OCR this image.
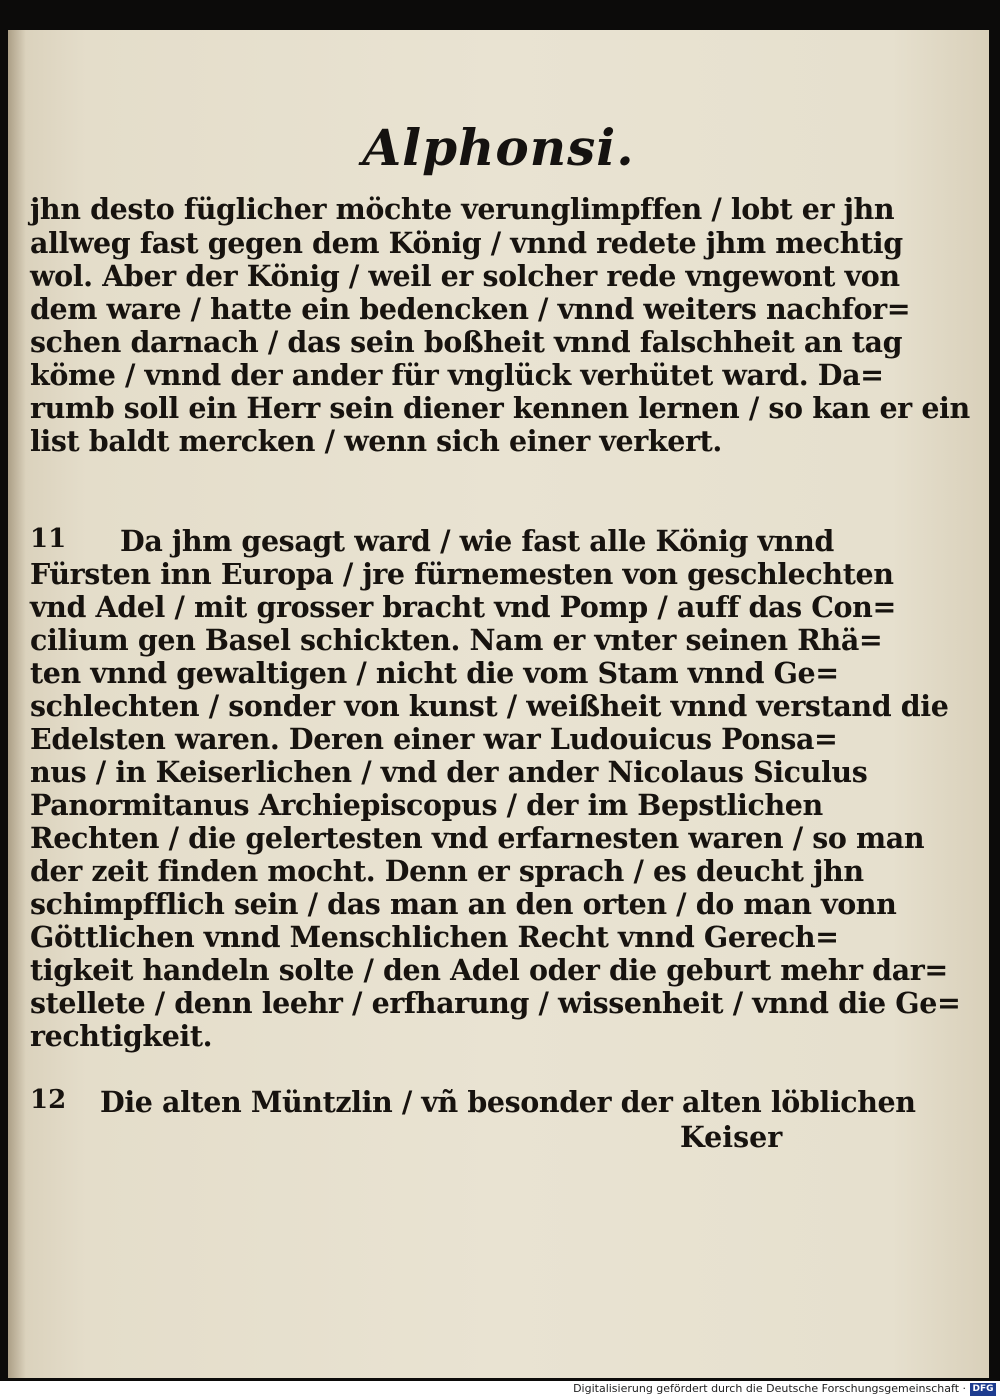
Alphonsi.
jhn desto füglicher möchte verunglimpffen / lobt er jhn
allweg fast gegen dem König / vnnd redete jhm mechtig
wol. Aber der König / weil er solcher rede vngewont von
dem ware / hatte ein bedencken / vnnd weiters nachfor=
schen darnach / das sein boßheit vnnd falschheit an tag
köme / vnnd der ander für vnglück verhütet ward. Da=
rumb soll ein Herr sein diener kennen lernen / so kan er ein
list baldt mercken / wenn sich einer verkert.
11 Da jhm gesagt ward / wie fast alle König vnnd
Fürsten inn Europa / jre fürnemesten von geschlechten
vnd Adel / mit grosser bracht vnd Pomp / auff das Con=
cilium gen Basel schickten. Nam er vnter seinen Rhä=
ten vnnd gewaltigen / nicht die vom Stam vnnd Ge=
schlechten / sonder von kunst / weißheit vnnd verstand die
Edelsten waren. Deren einer war Ludouicus Ponsa=
nus / in Keiserlichen / vnd der ander Nicolaus Siculus
Panormitanus Archiepiscopus / der im Bepstlichen
Rechten / die gelertesten vnd erfarnesten waren / so man
der zeit finden mocht. Denn er sprach / es deucht jhn
schimpfflich sein / das man an den orten / do man vonn
Göttlichen vnnd Menschlichen Recht vnnd Gerech=
tigkeit handeln solte / den Adel oder die geburt mehr dar=
stellete / denn leehr / erfharung / wissenheit / vnnd die Ge=
rechtigkeit.
12 Die alten Müntzlin / vñ besonder der alten löblichen
Keiser
Digitalisierung gefördert durch die Deutsche Forschungsgemeinschaft · DFG
